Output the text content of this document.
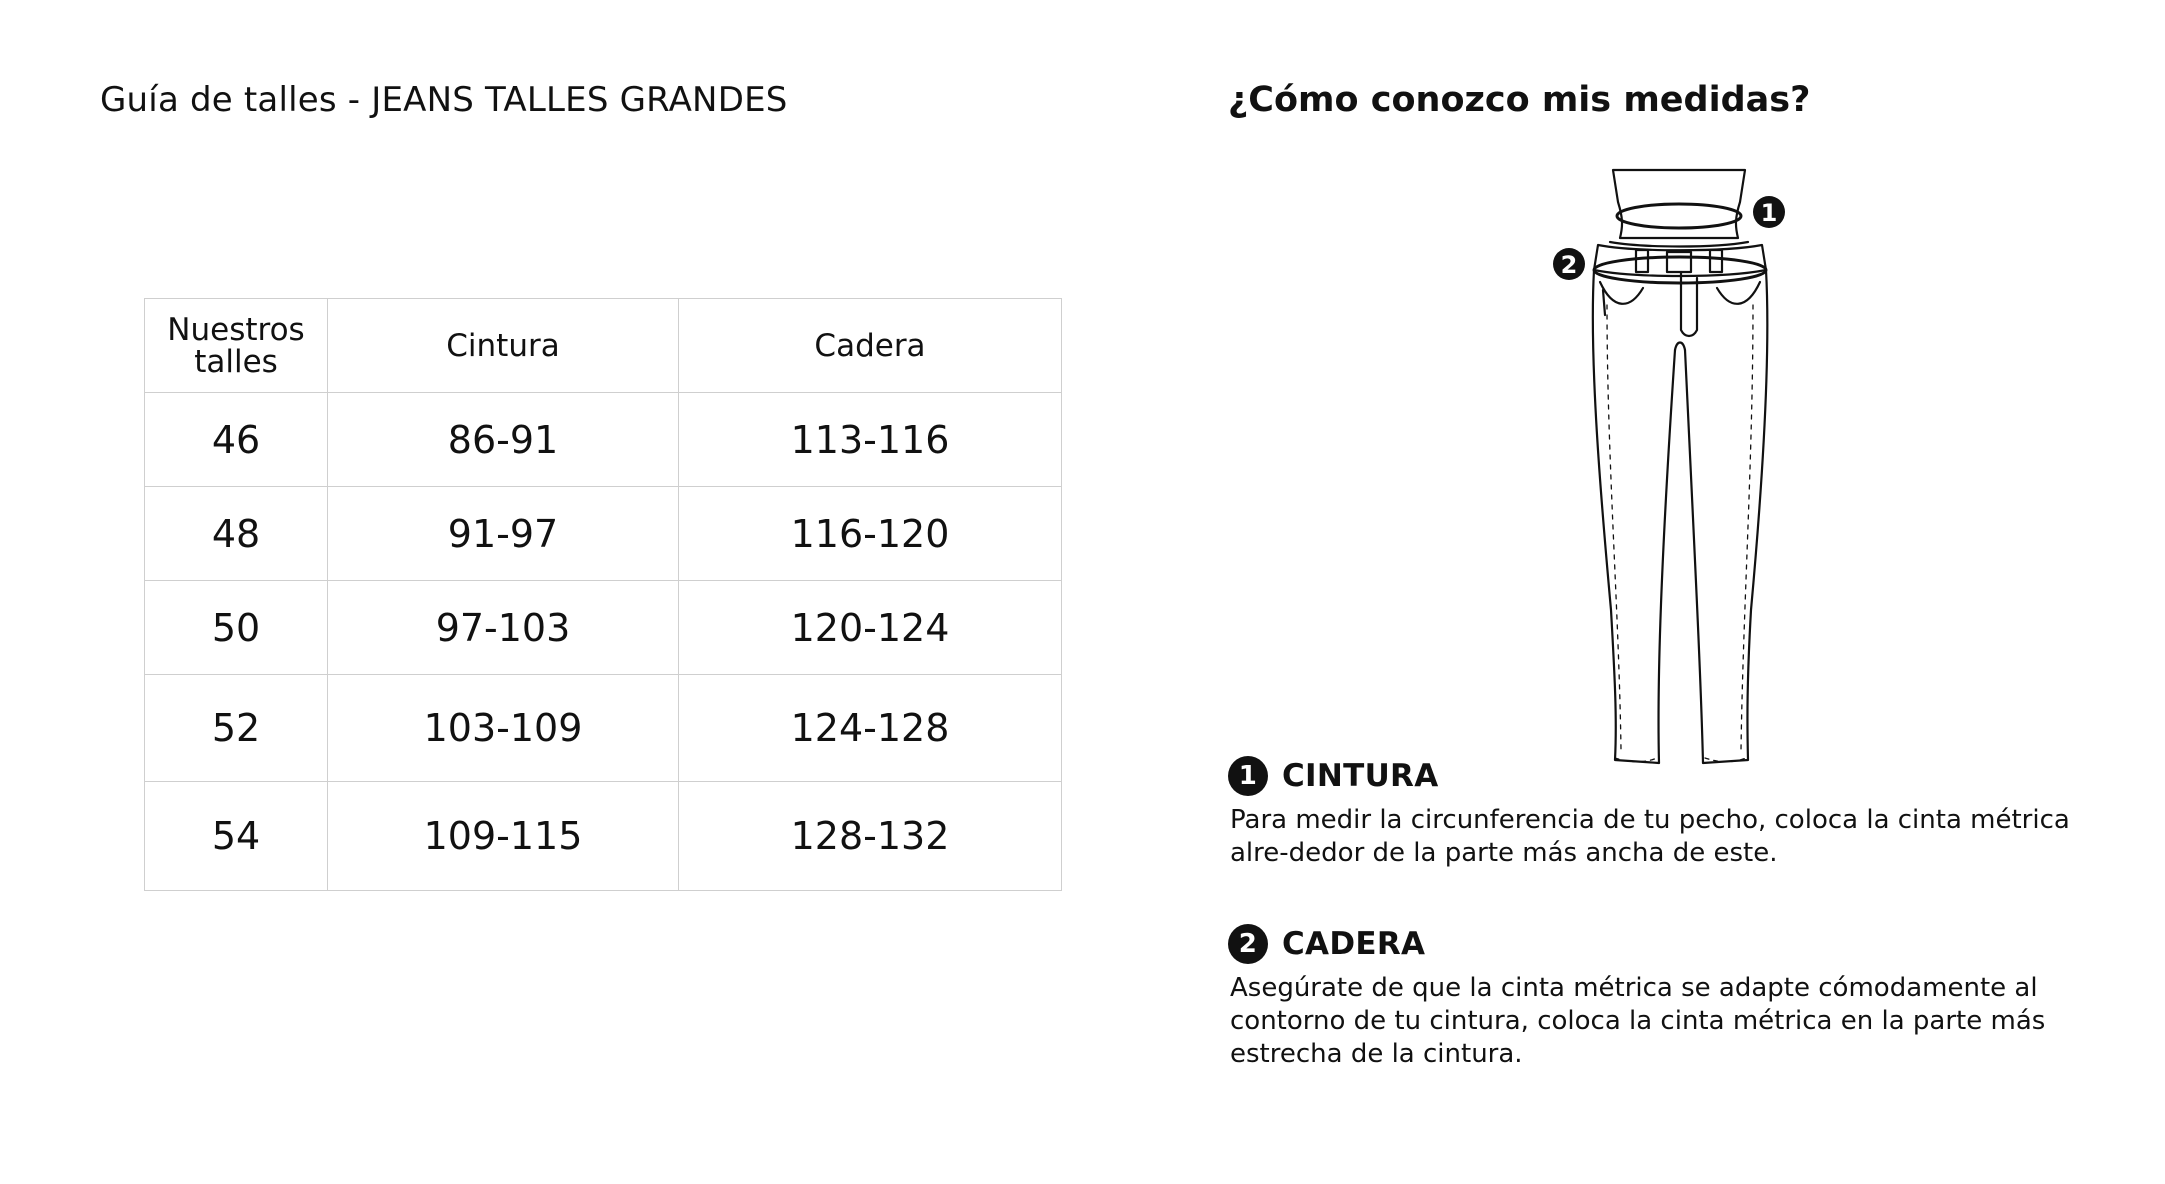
Guía de talles - JEANS TALLES GRANDES
Nuestros talles	Cintura	Cadera
46	86-91	113-116
48	91-97	116-120
50	97-103	120-124
52	103-109	124-128
54	109-115	128-132
¿Cómo conozco mis medidas?
1
2
1 CINTURA

Para medir la circunferencia de tu pecho, coloca la cinta métrica alre-dedor de la parte más ancha de este.

2 CADERA

Asegúrate de que la cinta métrica se adapte cómodamente al contorno de tu cintura, coloca la cinta métrica en la parte más estrecha de la cintura.
